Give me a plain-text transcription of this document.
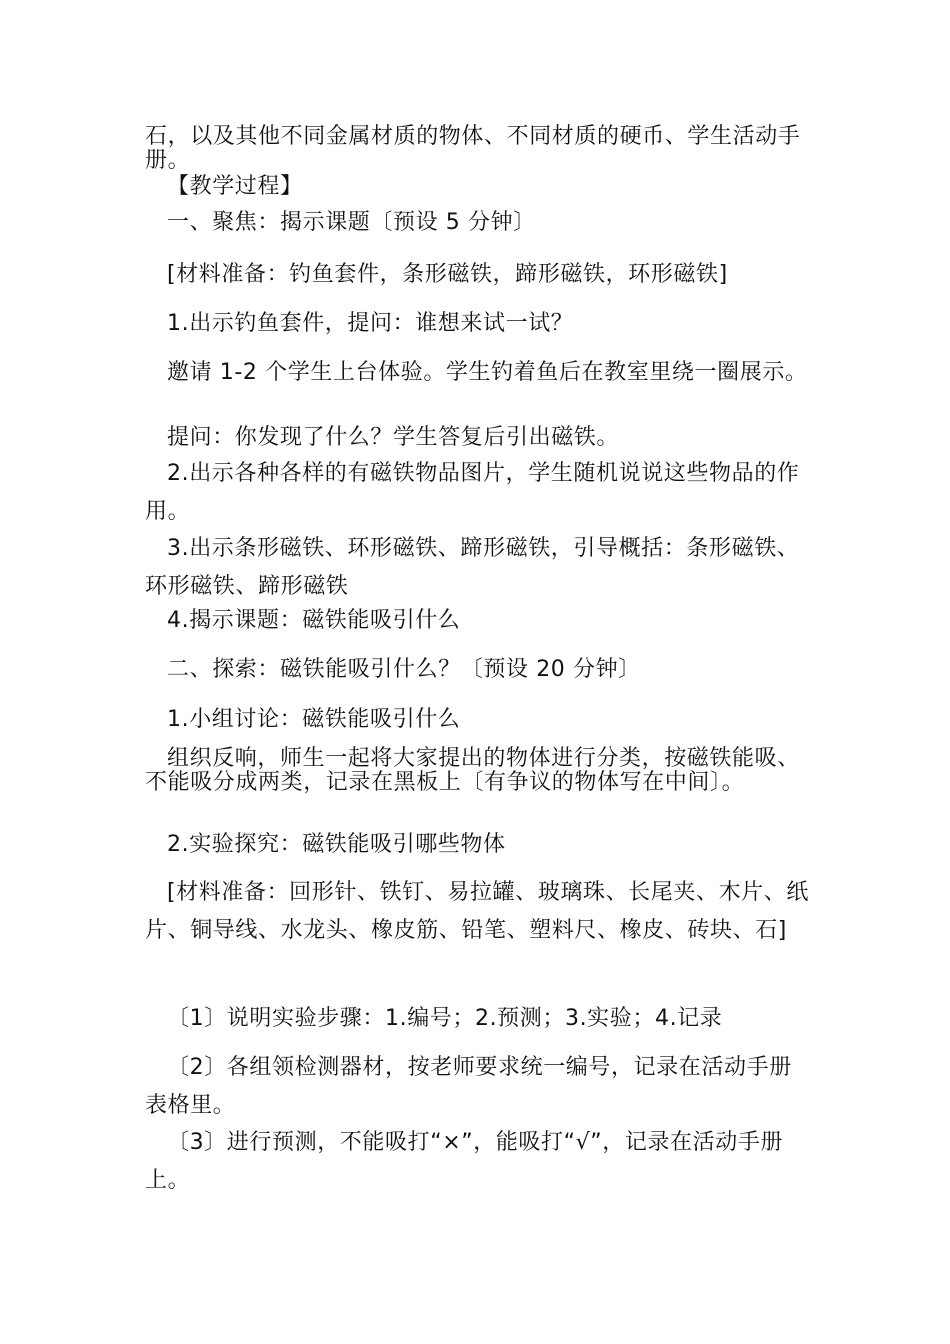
石，以及其他不同金属材质的物体、不同材质的硬币、学生活动手册。

【教学过程】

一、聚焦：揭示课题〔预设 5 分钟〕

[材料准备：钓鱼套件，条形磁铁，蹄形磁铁，环形磁铁]

1.出示钓鱼套件，提问：谁想来试一试？

邀请 1-2 个学生上台体验。学生钓着鱼后在教室里绕一圈展示。

提问：你发现了什么？学生答复后引出磁铁。

2.出示各种各样的有磁铁物品图片，学生随机说说这些物品的作用。

3.出示条形磁铁、环形磁铁、蹄形磁铁，引导概括：条形磁铁、环形磁铁、蹄形磁铁

4.揭示课题：磁铁能吸引什么

二、探索：磁铁能吸引什么？〔预设 20 分钟〕

1.小组讨论：磁铁能吸引什么

组织反响，师生一起将大家提出的物体进行分类，按磁铁能吸、不能吸分成两类，记录在黑板上〔有争议的物体写在中间〕。

2.实验探究：磁铁能吸引哪些物体

[材料准备：回形针、铁钉、易拉罐、玻璃珠、长尾夹、木片、纸片、铜导线、水龙头、橡皮筋、铅笔、塑料尺、橡皮、砖块、石]

〔1〕说明实验步骤：1.编号；2.预测；3.实验；4.记录

〔2〕各组领检测器材，按老师要求统一编号，记录在活动手册表格里。

〔3〕进行预测，不能吸打“×”，能吸打“√”，记录在活动手册上。
